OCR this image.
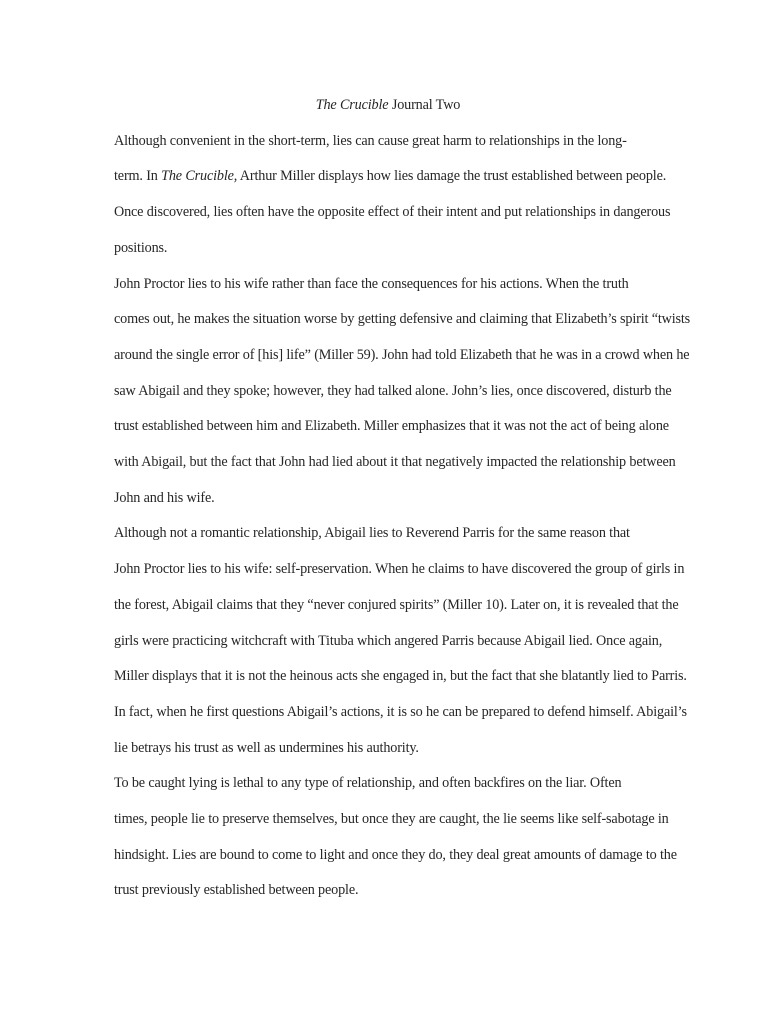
The Crucible Journal Two

Although convenient in the short-term, lies can cause great harm to relationships in the long-
term. In The Crucible, Arthur Miller displays how lies damage the trust established between people.
Once discovered, lies often have the opposite effect of their intent and put relationships in dangerous
positions.

John Proctor lies to his wife rather than face the consequences for his actions. When the truth
comes out, he makes the situation worse by getting defensive and claiming that Elizabeth’s spirit “twists
around the single error of [his] life” (Miller 59). John had told Elizabeth that he was in a crowd when he
saw Abigail and they spoke; however, they had talked alone. John’s lies, once discovered, disturb the
trust established between him and Elizabeth. Miller emphasizes that it was not the act of being alone
with Abigail, but the fact that John had lied about it that negatively impacted the relationship between
John and his wife.

Although not a romantic relationship, Abigail lies to Reverend Parris for the same reason that
John Proctor lies to his wife: self-preservation. When he claims to have discovered the group of girls in
the forest, Abigail claims that they “never conjured spirits” (Miller 10). Later on, it is revealed that the
girls were practicing witchcraft with Tituba which angered Parris because Abigail lied. Once again,
Miller displays that it is not the heinous acts she engaged in, but the fact that she blatantly lied to Parris.
In fact, when he first questions Abigail’s actions, it is so he can be prepared to defend himself. Abigail’s
lie betrays his trust as well as undermines his authority.

To be caught lying is lethal to any type of relationship, and often backfires on the liar. Often
times, people lie to preserve themselves, but once they are caught, the lie seems like self-sabotage in
hindsight. Lies are bound to come to light and once they do, they deal great amounts of damage to the
trust previously established between people.
